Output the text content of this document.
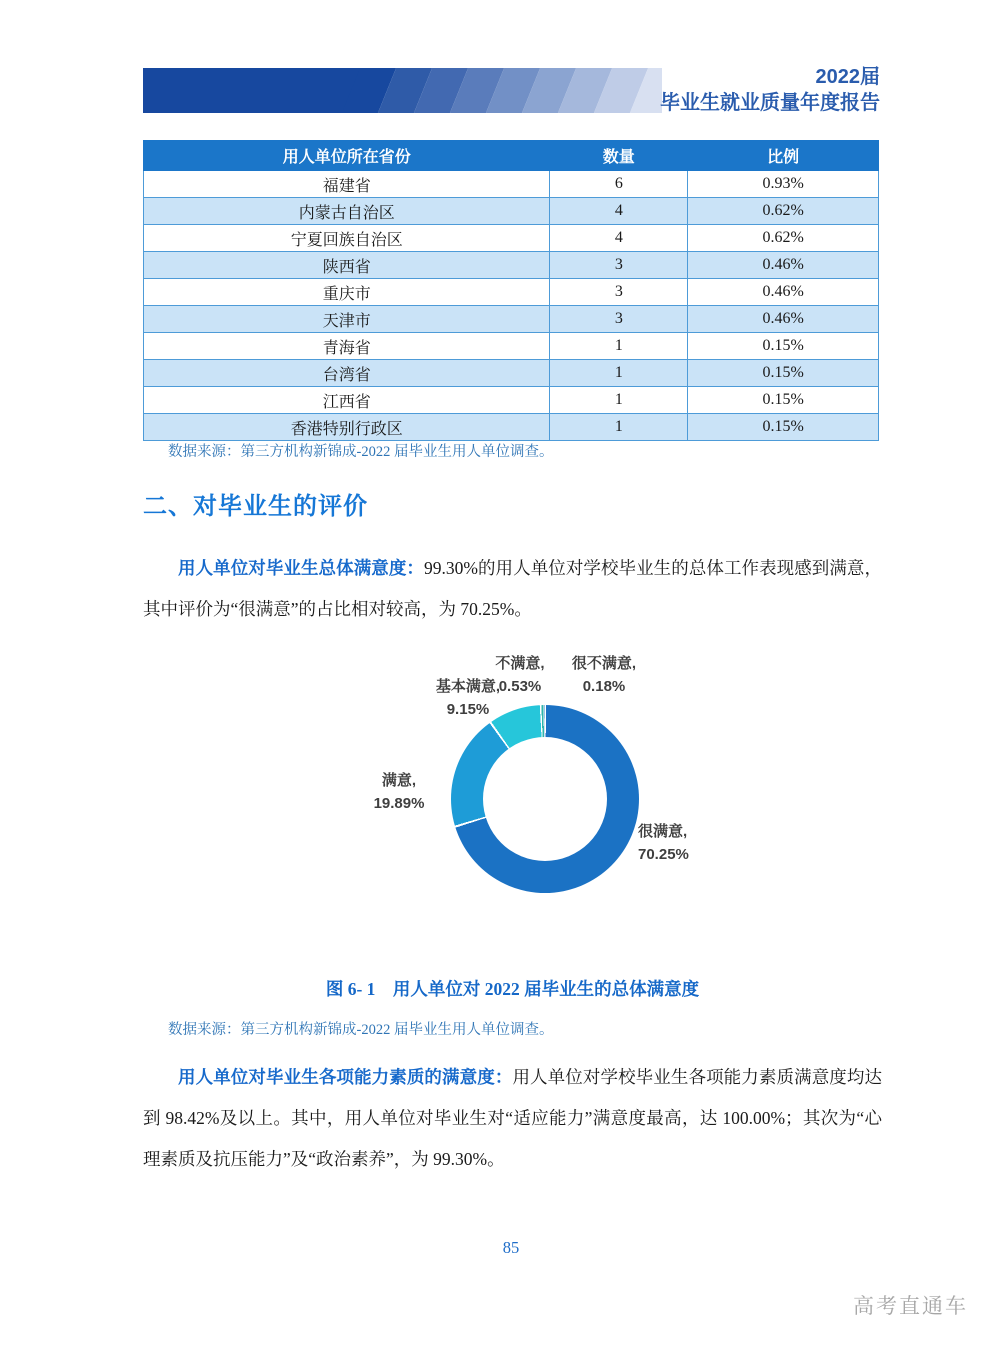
2022届
毕业生就业质量年度报告
用人单位所在省份	数量	比例
福建省	6	0.93%
内蒙古自治区	4	0.62%
宁夏回族自治区	4	0.62%
陕西省	3	0.46%
重庆市	3	0.46%
天津市	3	0.46%
青海省	1	0.15%
台湾省	1	0.15%
江西省	1	0.15%
香港特别行政区	1	0.15%
数据来源：第三方机构新锦成-2022 届毕业生用人单位调查。
二、对毕业生的评价
用人单位对毕业生总体满意度：99.30%的用人单位对学校毕业生的总体工作表现感到满意，其中评价为“很满意”的占比相对较高，为 70.25%。
不满意,
0.53%
很不满意,
0.18%
基本满意,
9.15%
满意,
19.89%
很满意,
70.25%
图 6- 1　用人单位对 2022 届毕业生的总体满意度
数据来源：第三方机构新锦成-2022 届毕业生用人单位调查。
用人单位对毕业生各项能力素质的满意度：用人单位对学校毕业生各项能力素质满意度均达到 98.42%及以上。其中，用人单位对毕业生对“适应能力”满意度最高，达 100.00%；其次为“心理素质及抗压能力”及“政治素养”，为 99.30%。
85
高考直通车
